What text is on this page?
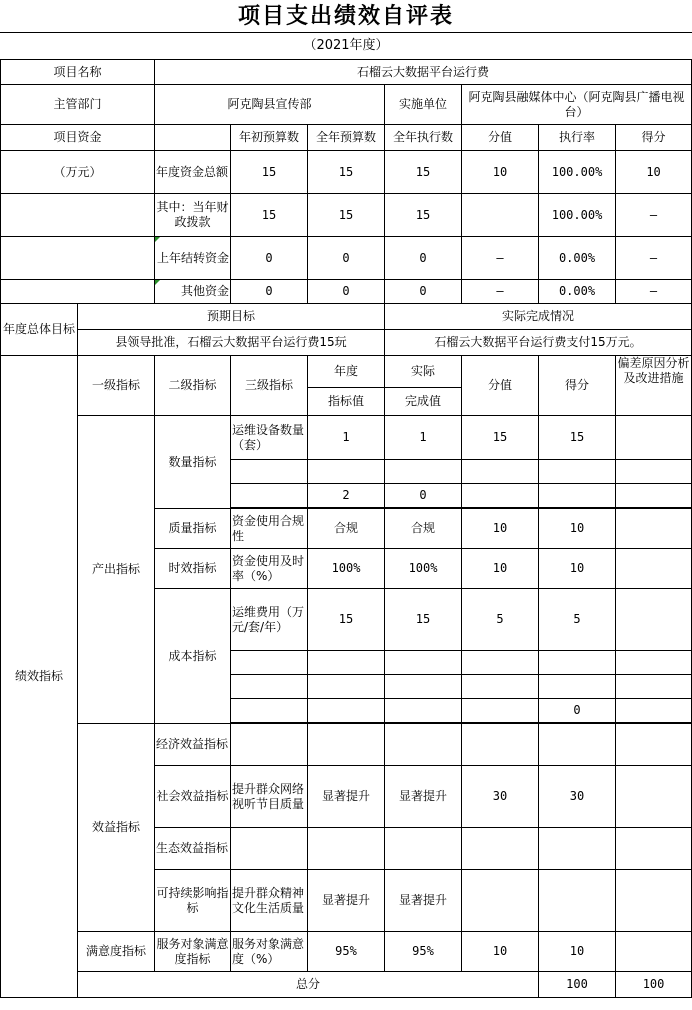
项目支出绩效自评表
（2021年度）
项目名称		石榴云大数据平台运行费							
主管部门		阿克陶县宣传部			实施单位	阿克陶县融媒体中心（阿克陶县广播电视台）			
项目资金			年初预算数	全年预算数	全年执行数	分值	执行率	得分	
（万元）		年度资金总额	15	15	15	10	100.00%	10	
		其中：当年财政拨款	15	15	15		100.00%	—	
		上年结转资金	0	0	0	—	0.00%	—	
		其他资金	0	0	0	—	0.00%	—	
年度总体目标	预期目标				实际完成情况				
	县领导批准，石榴云大数据平台运行费15玩				石榴云大数据平台运行费支付15万元。				
绩效指标	一级指标	二级指标	三级指标	年度	实际	分值	得分	偏差原因分析及改进措施	
				指标值	完成值				
	产出指标	数量指标	运维设备数量（套）	1	1	15	15		

				2	0				

		质量指标	资金使用合规性	合规	合规	10	10		
		时效指标	资金使用及时率（%）	100%	100%	10	10		
		成本指标	运维费用（万元/套/年）	15	15	5	5		

							0		

	效益指标	经济效益指标							
		社会效益指标	提升群众网络视听节目质量	显著提升	显著提升	30	30		
		生态效益指标							
		可持续影响指标	提升群众精神文化生活质量	显著提升	显著提升				
	满意度指标	服务对象满意度指标	服务对象满意度（%）	95%	95%	10	10		
	总分						100	100	
